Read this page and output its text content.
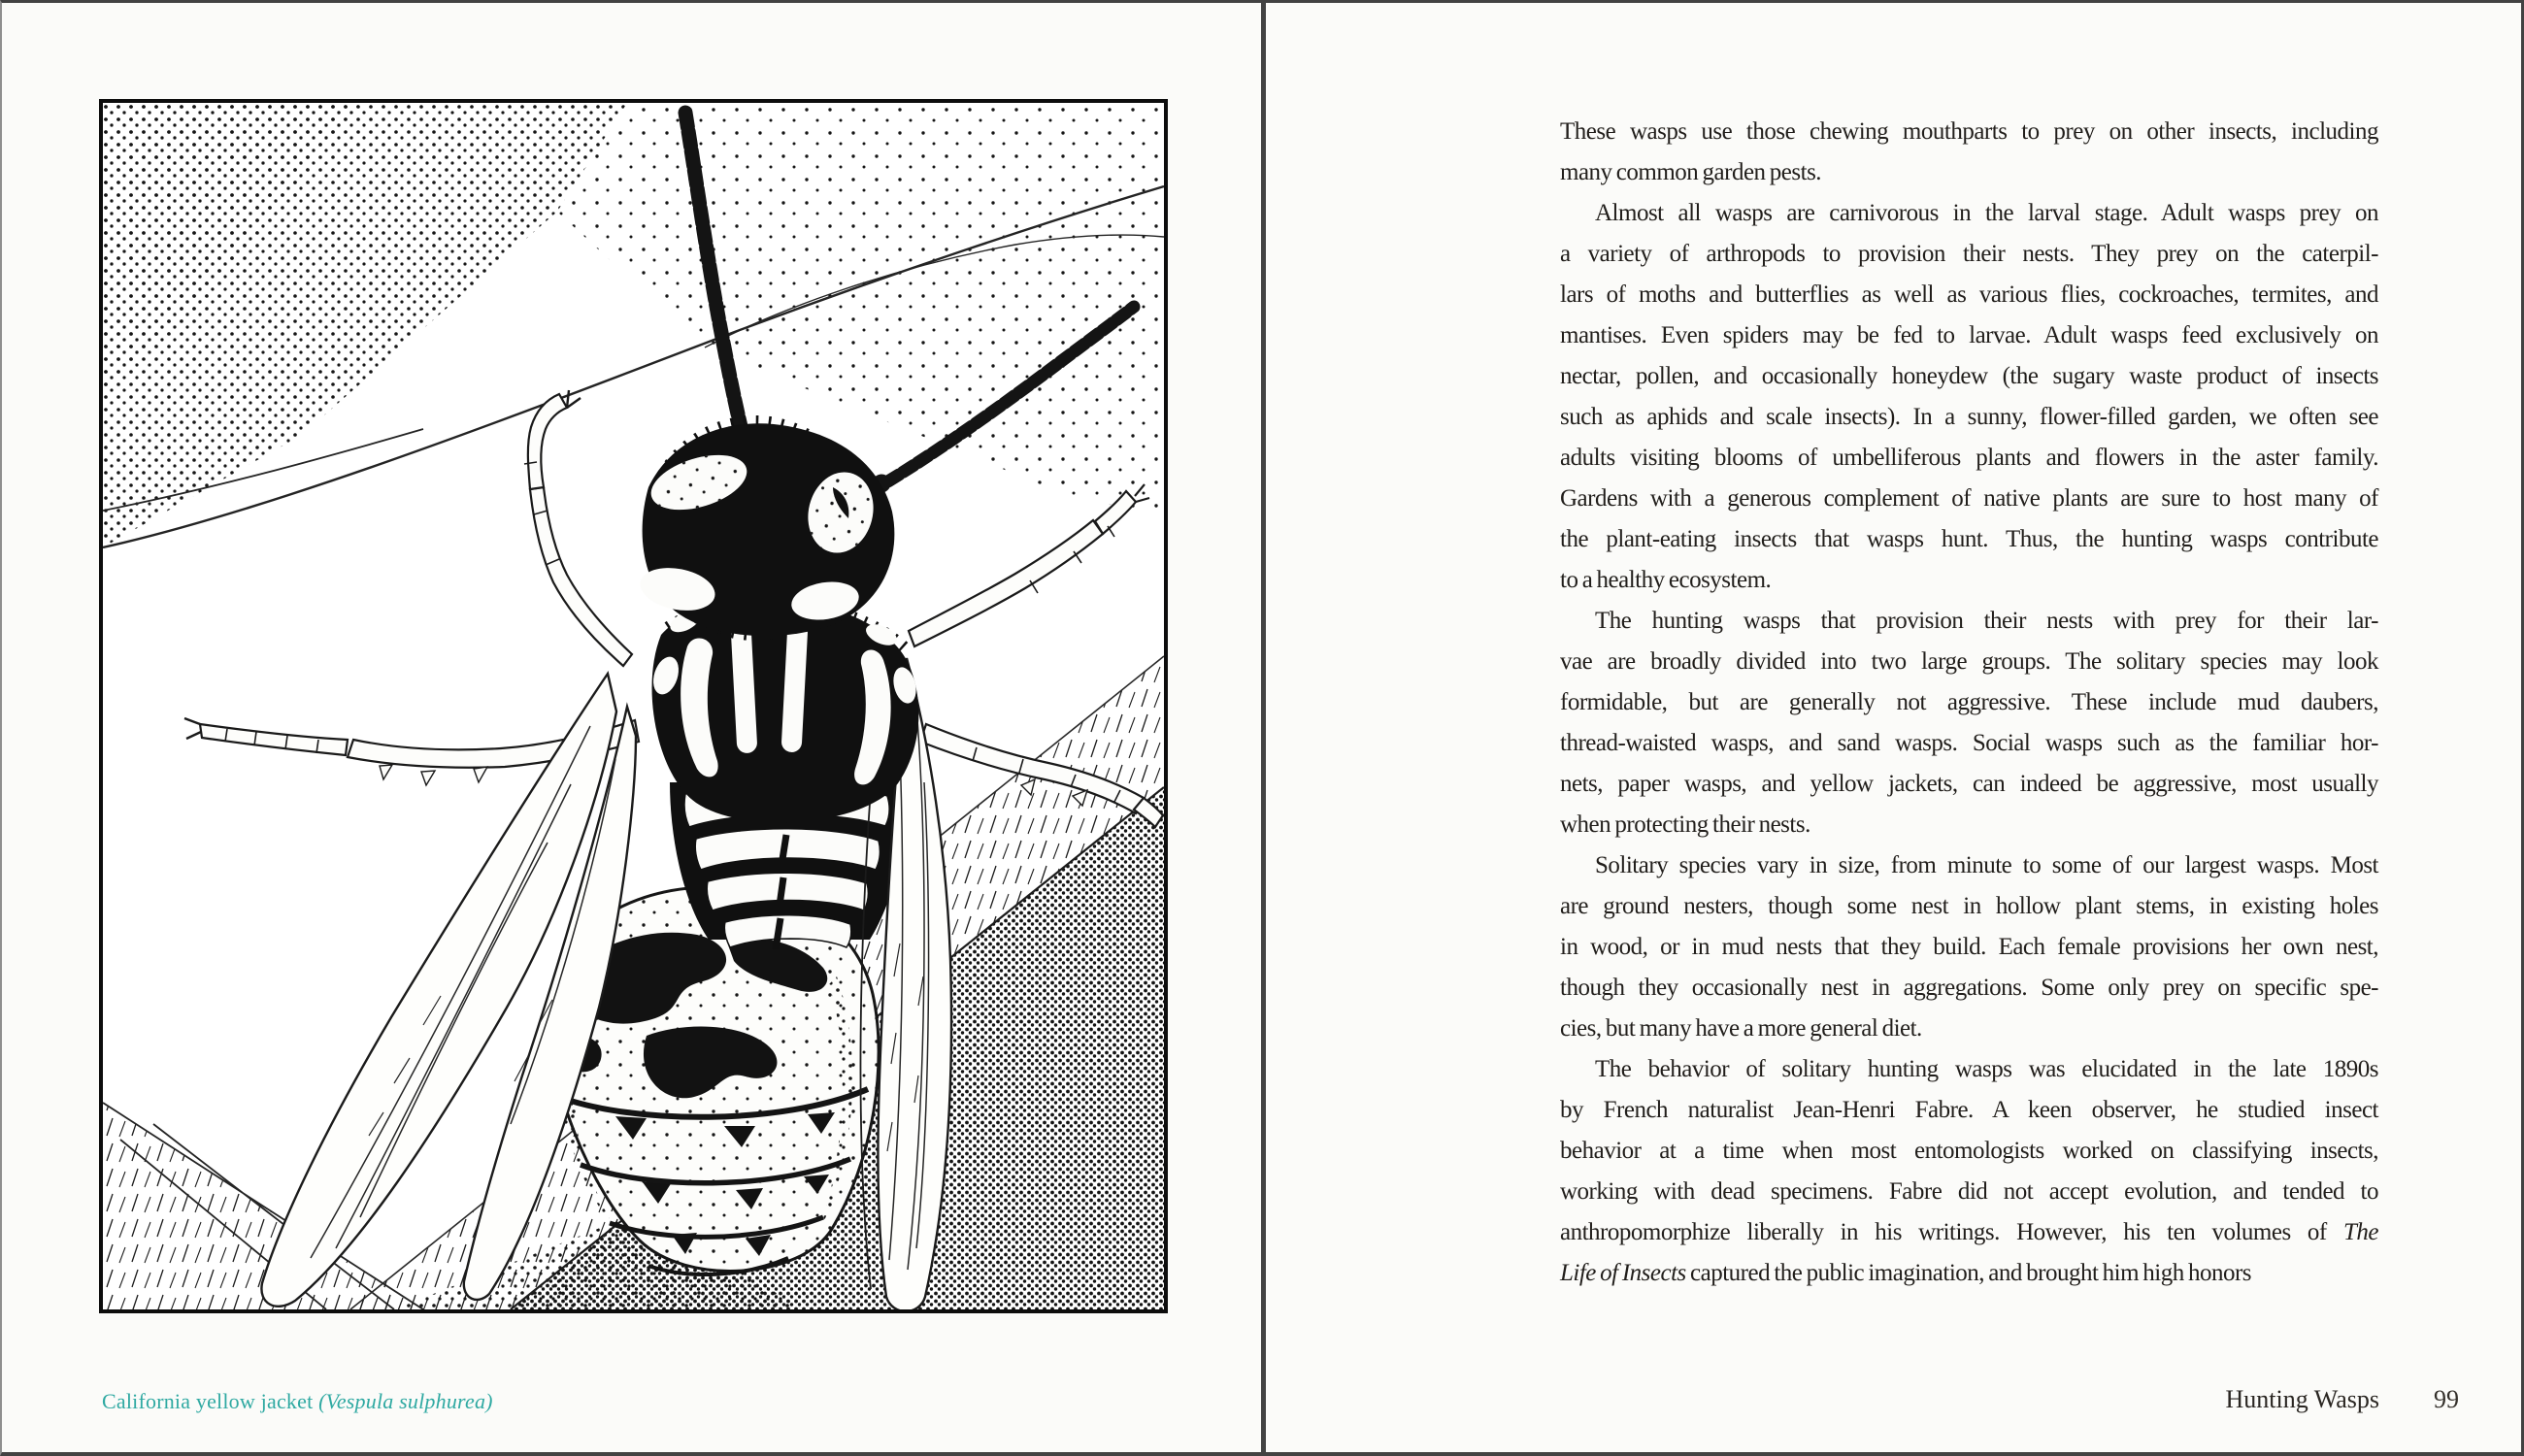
California yellow jacket (Vespula sulphurea)
These wasps use those chewing mouthparts to prey on other insects, including
many common garden pests.
Almost all wasps are carnivorous in the larval stage. Adult wasps prey on
a variety of arthropods to provision their nests. They prey on the caterpil-
lars of moths and butterflies as well as various flies, cockroaches, termites, and
mantises. Even spiders may be fed to larvae. Adult wasps feed exclusively on
nectar, pollen, and occasionally honeydew (the sugary waste product of insects
such as aphids and scale insects). In a sunny, flower-filled garden, we often see
adults visiting blooms of umbelliferous plants and flowers in the aster family.
Gardens with a generous complement of native plants are sure to host many of
the plant-eating insects that wasps hunt. Thus, the hunting wasps contribute
to a healthy ecosystem.
The hunting wasps that provision their nests with prey for their lar-
vae are broadly divided into two large groups. The solitary species may look
formidable, but are generally not aggressive. These include mud daubers,
thread-waisted wasps, and sand wasps. Social wasps such as the familiar hor-
nets, paper wasps, and yellow jackets, can indeed be aggressive, most usually
when protecting their nests.
Solitary species vary in size, from minute to some of our largest wasps. Most
are ground nesters, though some nest in hollow plant stems, in existing holes
in wood, or in mud nests that they build. Each female provisions her own nest,
though they occasionally nest in aggregations. Some only prey on specific spe-
cies, but many have a more general diet.
The behavior of solitary hunting wasps was elucidated in the late 1890s
by French naturalist Jean-Henri Fabre. A keen observer, he studied insect
behavior at a time when most entomologists worked on classifying insects,
working with dead specimens. Fabre did not accept evolution, and tended to
anthropomorphize liberally in his writings. However, his ten volumes of The
Life of Insects captured the public imagination, and brought him high honors
Hunting Wasps 99
